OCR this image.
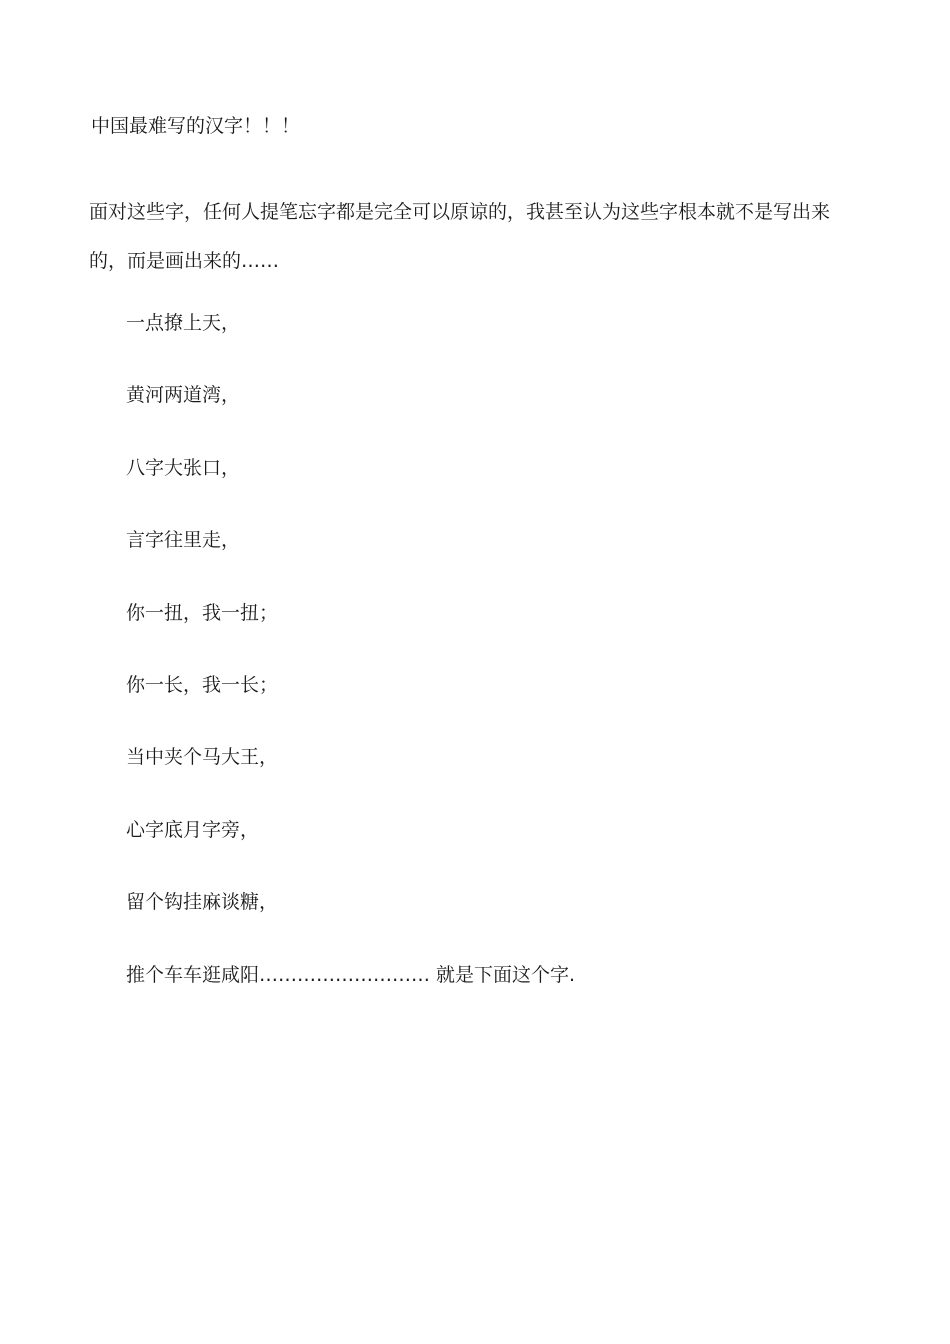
中国最难写的汉字！！！

面对这些字，任何人提笔忘字都是完全可以原谅的，我甚至认为这些字根本就不是写出来
的，而是画出来的……

一点撩上天，
黄河两道湾，
八字大张口，
言字往里走，
你一扭，我一扭；
你一长，我一长；
当中夹个马大王，
心字底月字旁，
留个钩挂麻谈糖，
推个车车逛咸阳……………………… 就是下面这个字.
